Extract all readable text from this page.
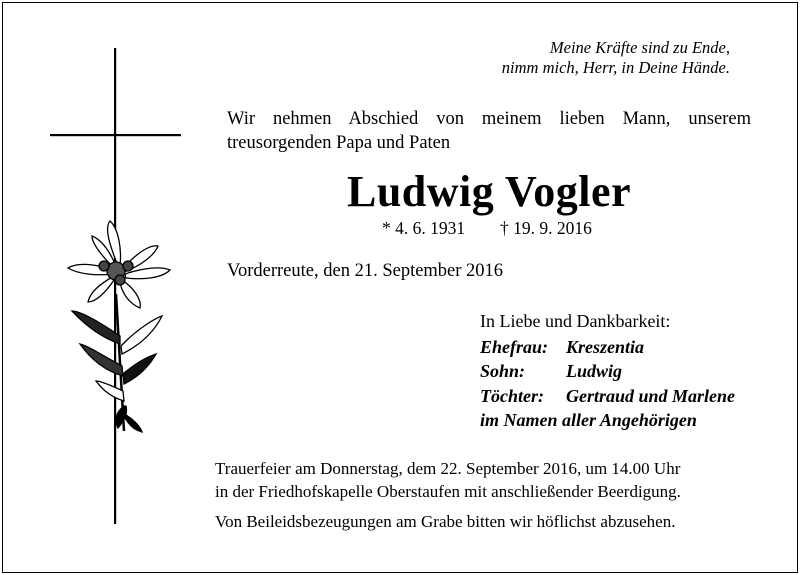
Meine Kräfte sind zu Ende,
nimm mich, Herr, in Deine Hände.
Wir nehmen Abschied von meinem lieben Mann, unserem treusorgenden Papa und Paten
Ludwig Vogler
* 4. 6. 1931 † 19. 9. 2016
Vorderreute, den 21. September 2016
In Liebe und Dankbarkeit:
Ehefrau: Kreszentia
Sohn: Ludwig
Töchter: Gertraud und Marlene
im Namen aller Angehörigen
Trauerfeier am Donnerstag, dem 22. September 2016, um 14.00 Uhr
in der Friedhofskapelle Oberstaufen mit anschließender Beerdigung.
Von Beileidsbezeugungen am Grabe bitten wir höflichst abzusehen.
